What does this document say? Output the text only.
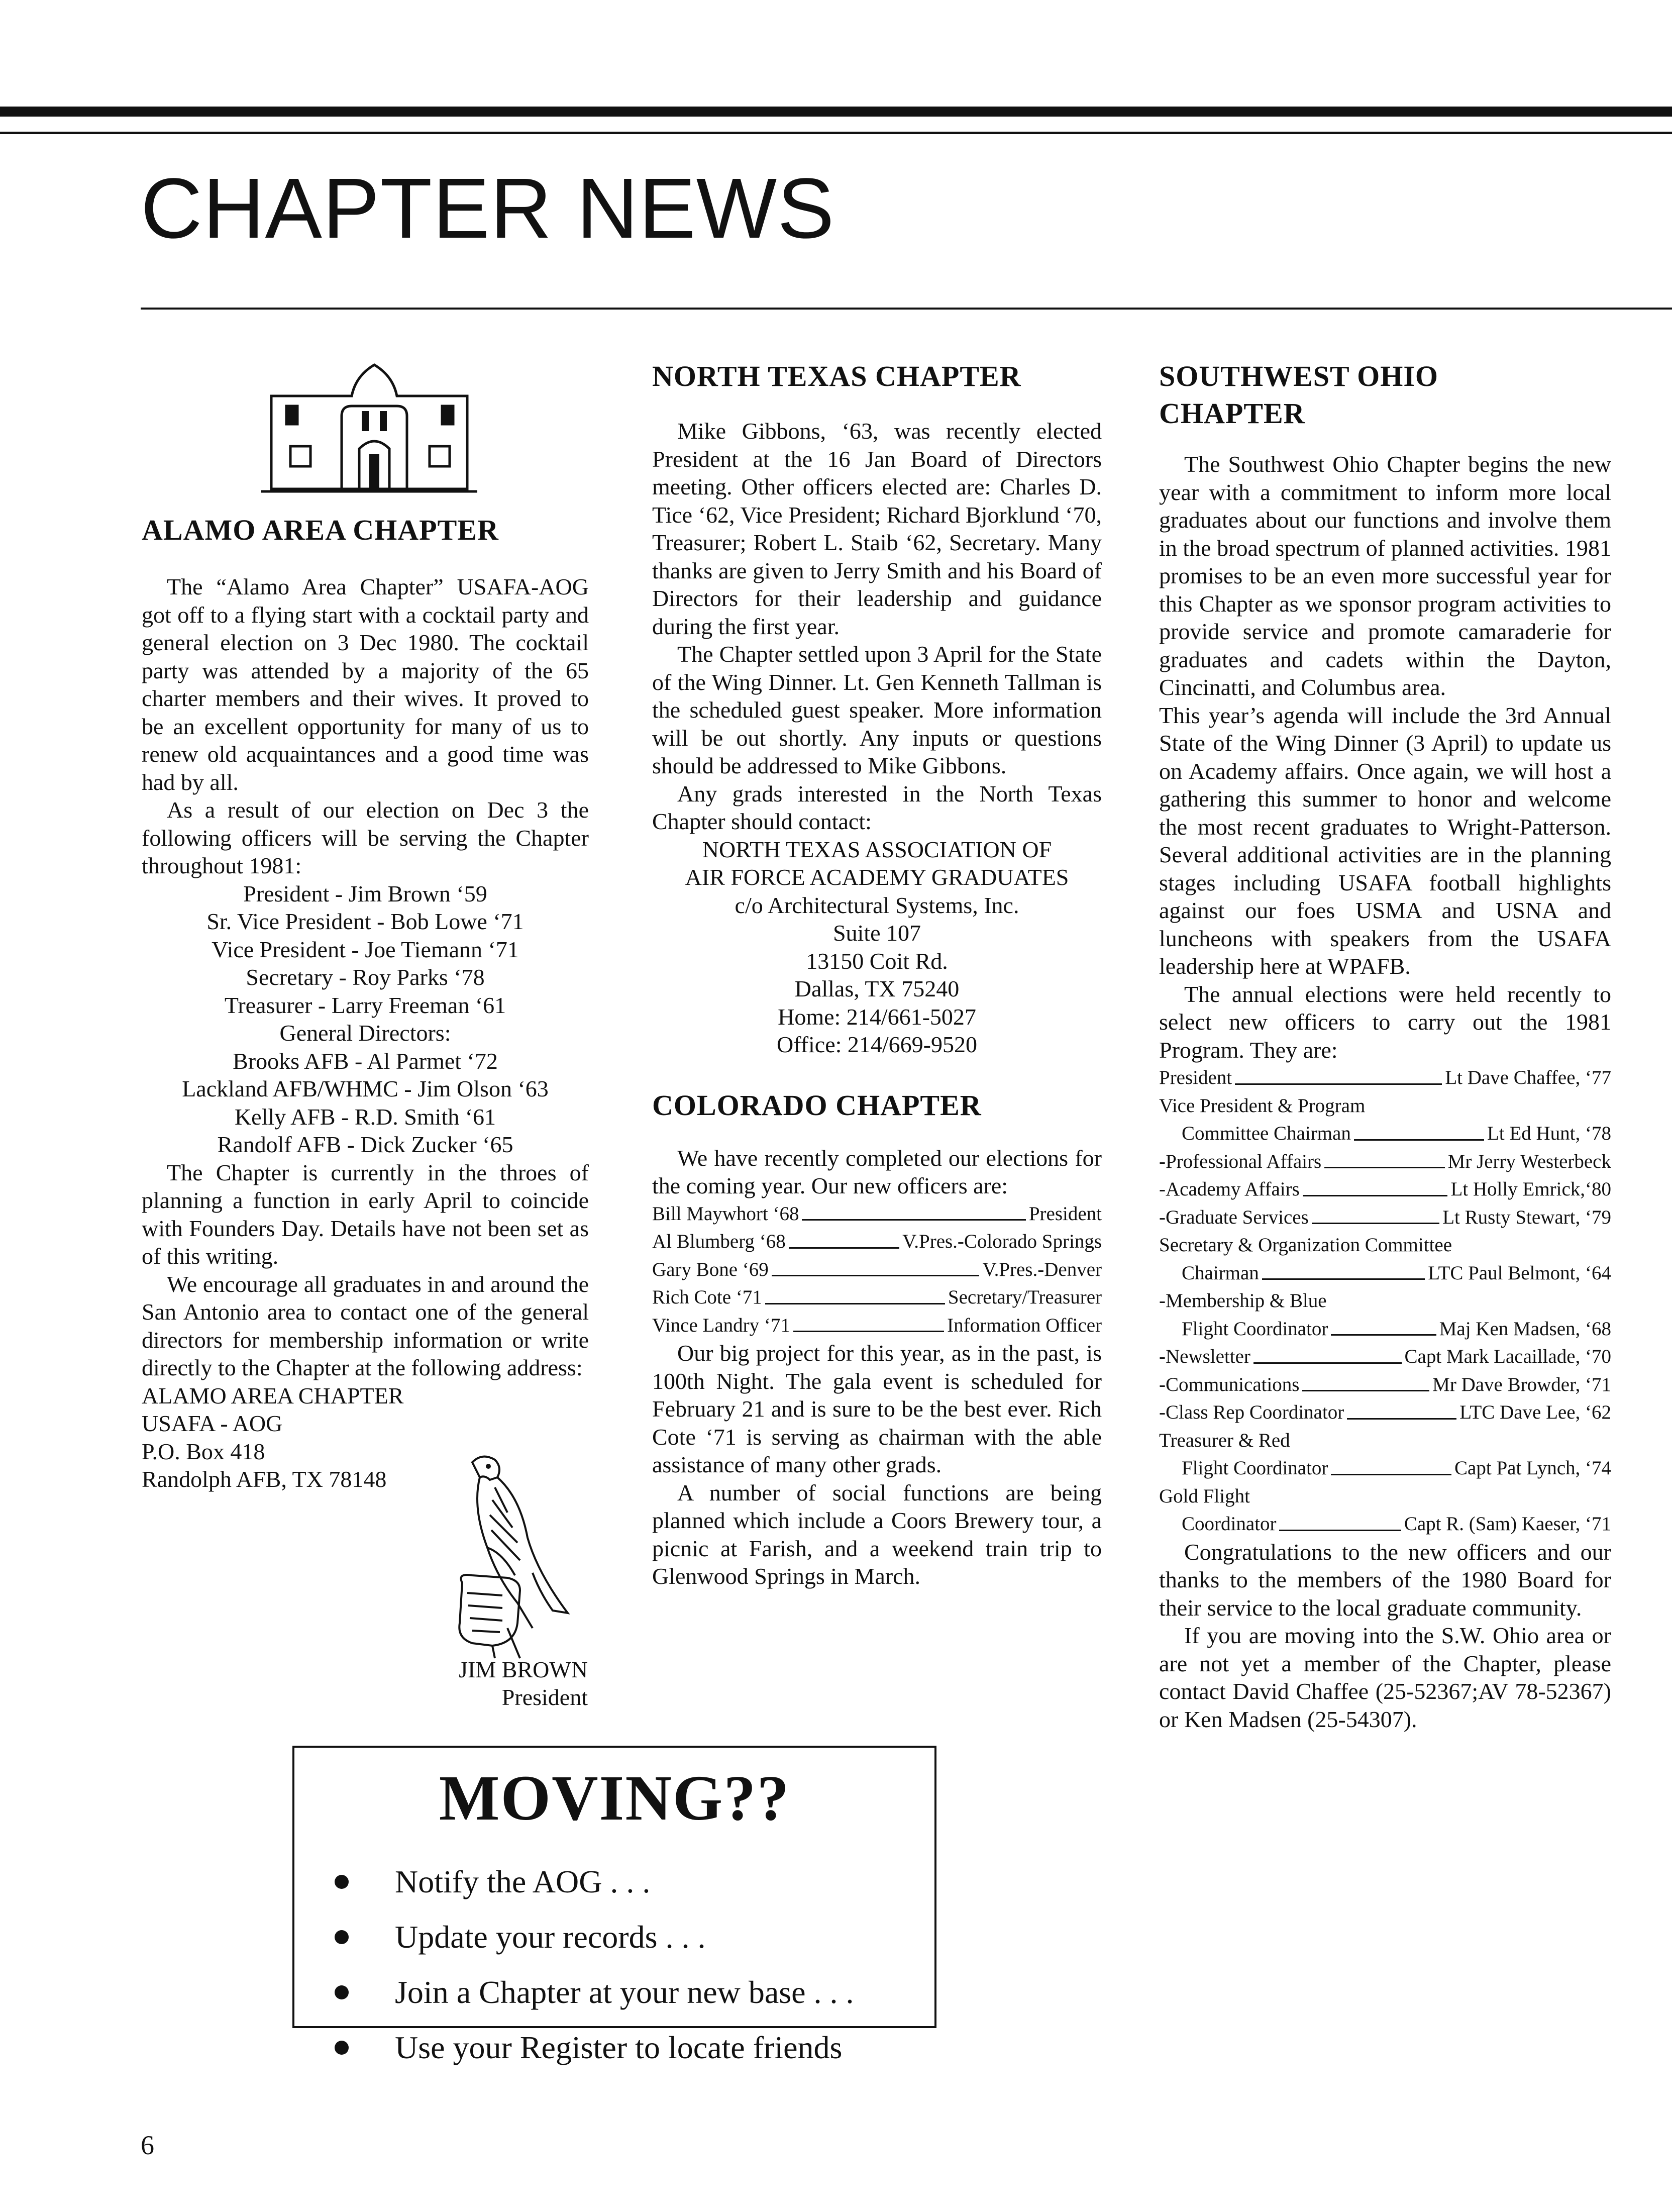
CHAPTER NEWS
ALAMO AREA CHAPTER

The “Alamo Area Chapter” USAFA-AOG got off to a flying start with a cocktail party and general election on 3 Dec 1980. The cocktail party was attended by a majority of the 65 charter members and their wives. It proved to be an excellent opportunity for many of us to renew old acquaintances and a good time was had by all.

As a result of our election on Dec 3 the following officers will be serving the Chapter throughout 1981:

President - Jim Brown ‘59
Sr. Vice President - Bob Lowe ‘71
Vice President - Joe Tiemann ‘71
Secretary - Roy Parks ‘78
Treasurer - Larry Freeman ‘61
General Directors:
Brooks AFB - Al Parmet ‘72
Lackland AFB/WHMC - Jim Olson ‘63
Kelly AFB - R.D. Smith ‘61
Randolf AFB - Dick Zucker ‘65

The Chapter is currently in the throes of planning a function in early April to coincide with Founders Day. Details have not been set as of this writing.

We encourage all graduates in and around the San Antonio area to contact one of the general directors for membership information or write directly to the Chapter at the following address:

ALAMO AREA CHAPTER
USAFA - AOG
P.O. Box 418
Randolph AFB, TX 78148
JIM BROWN
President
NORTH TEXAS CHAPTER

Mike Gibbons, ‘63, was recently elected President at the 16 Jan Board of Directors meeting. Other officers elected are: Charles D. Tice ‘62, Vice President; Richard Bjorklund ‘70, Treasurer; Robert L. Staib ‘62, Secretary. Many thanks are given to Jerry Smith and his Board of Directors for their leadership and guidance during the first year.

The Chapter settled upon 3 April for the State of the Wing Dinner. Lt. Gen Kenneth Tallman is the scheduled guest speaker. More information will be out shortly. Any inputs or questions should be addressed to Mike Gibbons.

Any grads interested in the North Texas Chapter should contact:

NORTH TEXAS ASSOCIATION OF
AIR FORCE ACADEMY GRADUATES
c/o Architectural Systems, Inc.
Suite 107
13150 Coit Rd.
Dallas, TX 75240
Home: 214/661-5027
Office: 214/669-9520
COLORADO CHAPTER

We have recently completed our elections for the coming year. Our new officers are:

Bill Maywhort ‘68	President
Al Blumberg ‘68	V.Pres.-Colorado Springs
Gary Bone ‘69	V.Pres.-Denver
Rich Cote ‘71	Secretary/Treasurer
Vince Landry ‘71	Information Officer

Our big project for this year, as in the past, is 100th Night. The gala event is scheduled for February 21 and is sure to be the best ever. Rich Cote ‘71 is serving as chairman with the able assistance of many other grads.

A number of social functions are being planned which include a Coors Brewery tour, a picnic at Farish, and a weekend train trip to Glenwood Springs in March.

SOUTHWEST OHIO
CHAPTER

The Southwest Ohio Chapter begins the new year with a commitment to inform more local graduates about our functions and involve them in the broad spectrum of planned activities. 1981 promises to be an even more successful year for this Chapter as we sponsor program activities to provide service and promote camaraderie for graduates and cadets within the Dayton, Cincinatti, and Columbus area.

This year’s agenda will include the 3rd Annual State of the Wing Dinner (3 April) to update us on Academy affairs. Once again, we will host a gathering this summer to honor and welcome the most recent graduates to Wright-Patterson. Several additional activities are in the planning stages including USAFA football highlights against our foes USMA and USNA and luncheons with speakers from the USAFA leadership here at WPAFB.

The annual elections were held recently to select new officers to carry out the 1981 Program. They are:

President	Lt Dave Chaffee, ‘77
Vice President & Program
Committee Chairman	Lt Ed Hunt, ‘78
-Professional Affairs	Mr Jerry Westerbeck
-Academy Affairs	Lt Holly Emrick,‘80
-Graduate Services	Lt Rusty Stewart, ‘79
Secretary & Organization Committee
Chairman	LTC Paul Belmont, ‘64
-Membership & Blue
Flight Coordinator	Maj Ken Madsen, ‘68
-Newsletter	Capt Mark Lacaillade, ‘70
-Communications	Mr Dave Browder, ‘71
-Class Rep Coordinator	LTC Dave Lee, ‘62
Treasurer & Red
Flight Coordinator	Capt Pat Lynch, ‘74
Gold Flight
Coordinator	Capt R. (Sam) Kaeser, ‘71

Congratulations to the new officers and our thanks to the members of the 1980 Board for their service to the local graduate community.

If you are moving into the S.W. Ohio area or are not yet a member of the Chapter, please contact David Chaffee (25-52367;AV 78-52367) or Ken Madsen (25-54307).

MOVING??
Notify the AOG . . .
Update your records . . .
Join a Chapter at your new base . . .
Use your Register to locate friends
6
